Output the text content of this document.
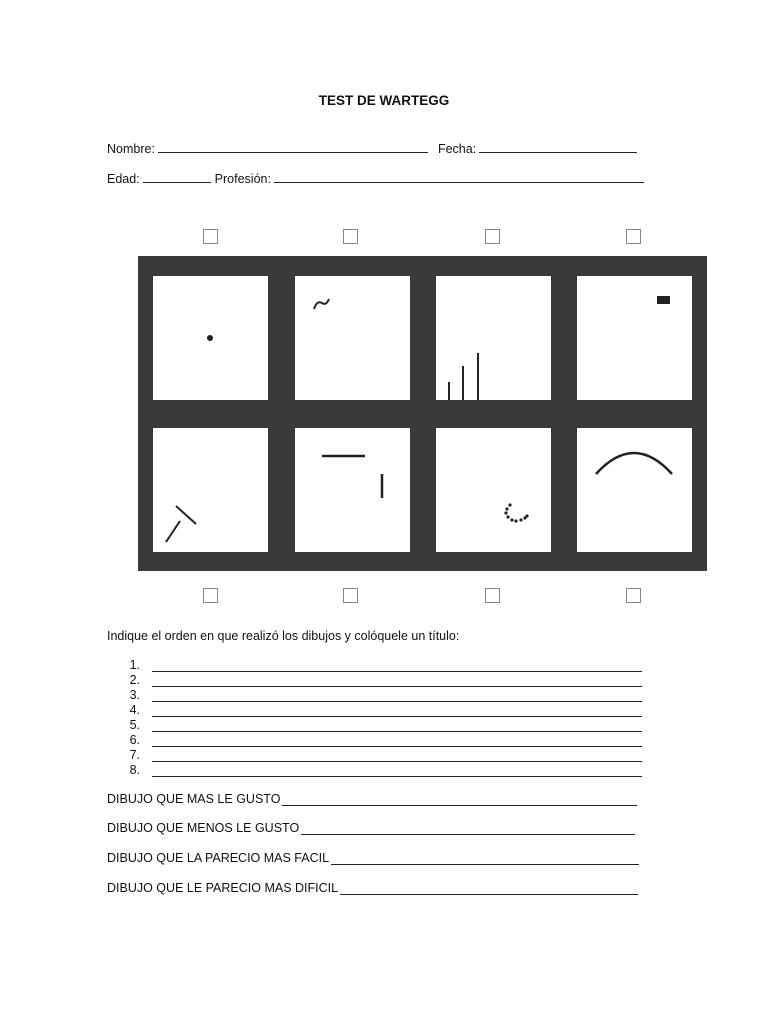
TEST DE WARTEGG
Nombre:	Fecha:
Edad:	Profesión:
Indique el orden en que realizó los dibujos y colóquele un título:
1.
2.
3.
4.
5.
6.
7.
8.
DIBUJO QUE MAS LE GUSTO
DIBUJO QUE MENOS LE GUSTO
DIBUJO QUE LA PARECIO MAS FACIL
DIBUJO QUE LE PARECIO MAS DIFICIL
